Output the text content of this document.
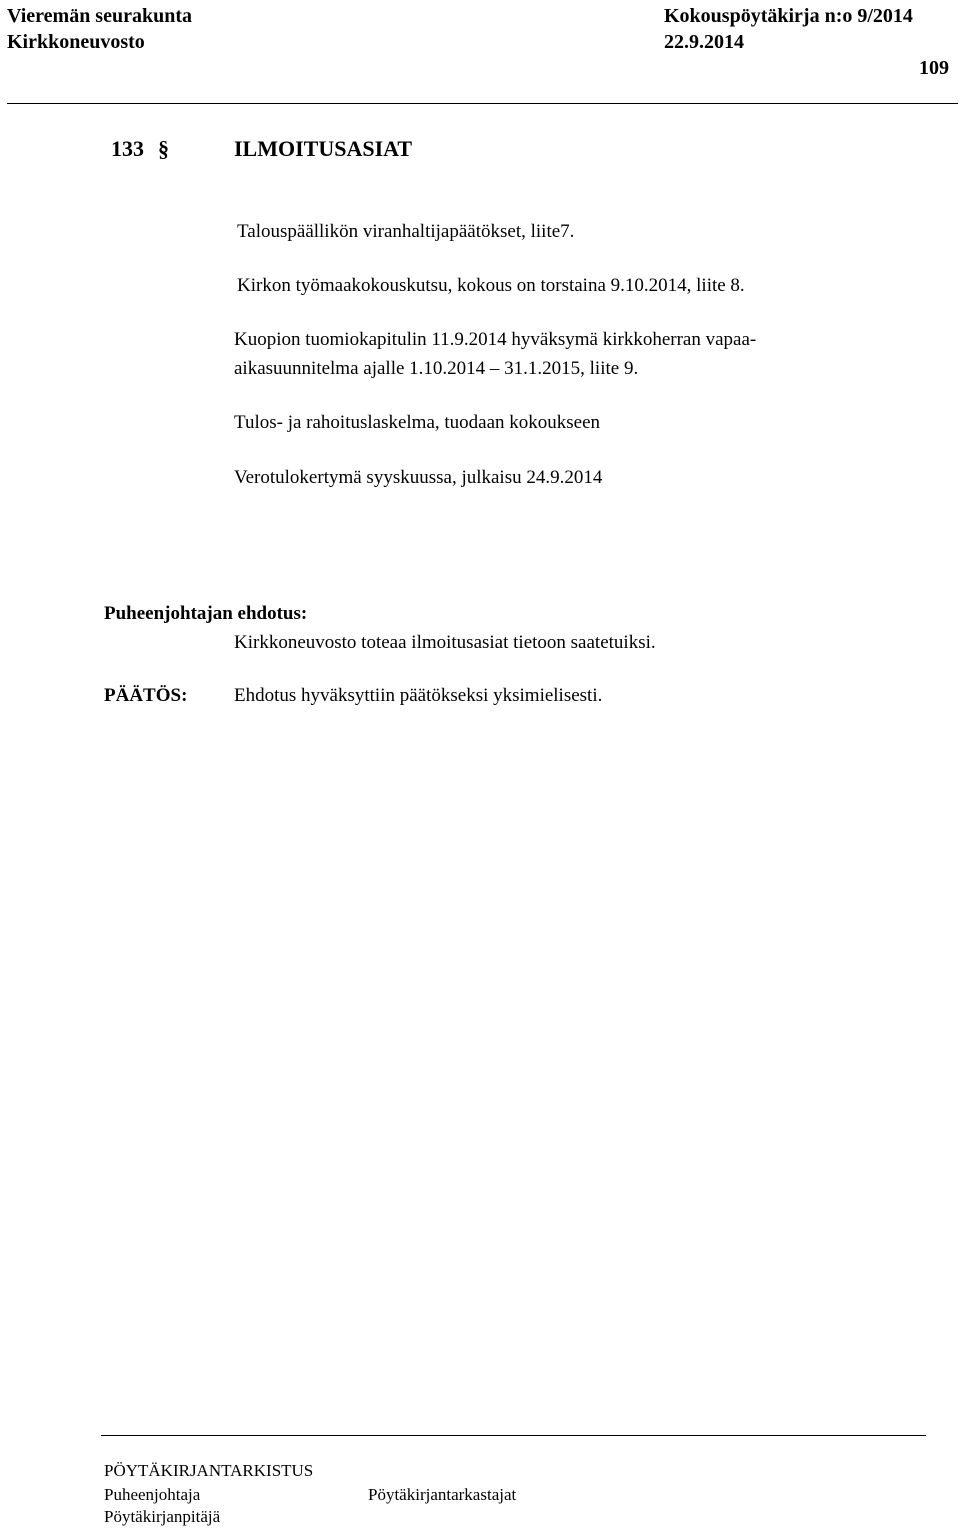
Vieremän seurakunta	Kokouspöytäkirja n:o 9/2014
Kirkkoneuvosto	22.9.2014
109
133 §	ILMOITUSASIAT
Talouspäällikön viranhaltijapäätökset, liite7.
Kirkon työmaakokouskutsu, kokous on torstaina 9.10.2014, liite 8.
Kuopion tuomiokapitulin 11.9.2014 hyväksymä kirkkoherran vapaa-
aikasuunnitelma ajalle 1.10.2014 – 31.1.2015, liite 9.
Tulos- ja rahoituslaskelma, tuodaan kokoukseen
Verotulokertymä syyskuussa, julkaisu 24.9.2014
Puheenjohtajan ehdotus:
Kirkkoneuvosto toteaa ilmoitusasiat tietoon saatetuiksi.
PÄÄTÖS: Ehdotus hyväksyttiin päätökseksi yksimielisesti.
PÖYTÄKIRJANTARKISTUS
Puheenjohtaja	Pöytäkirjantarkastajat
Pöytäkirjanpitäjä
